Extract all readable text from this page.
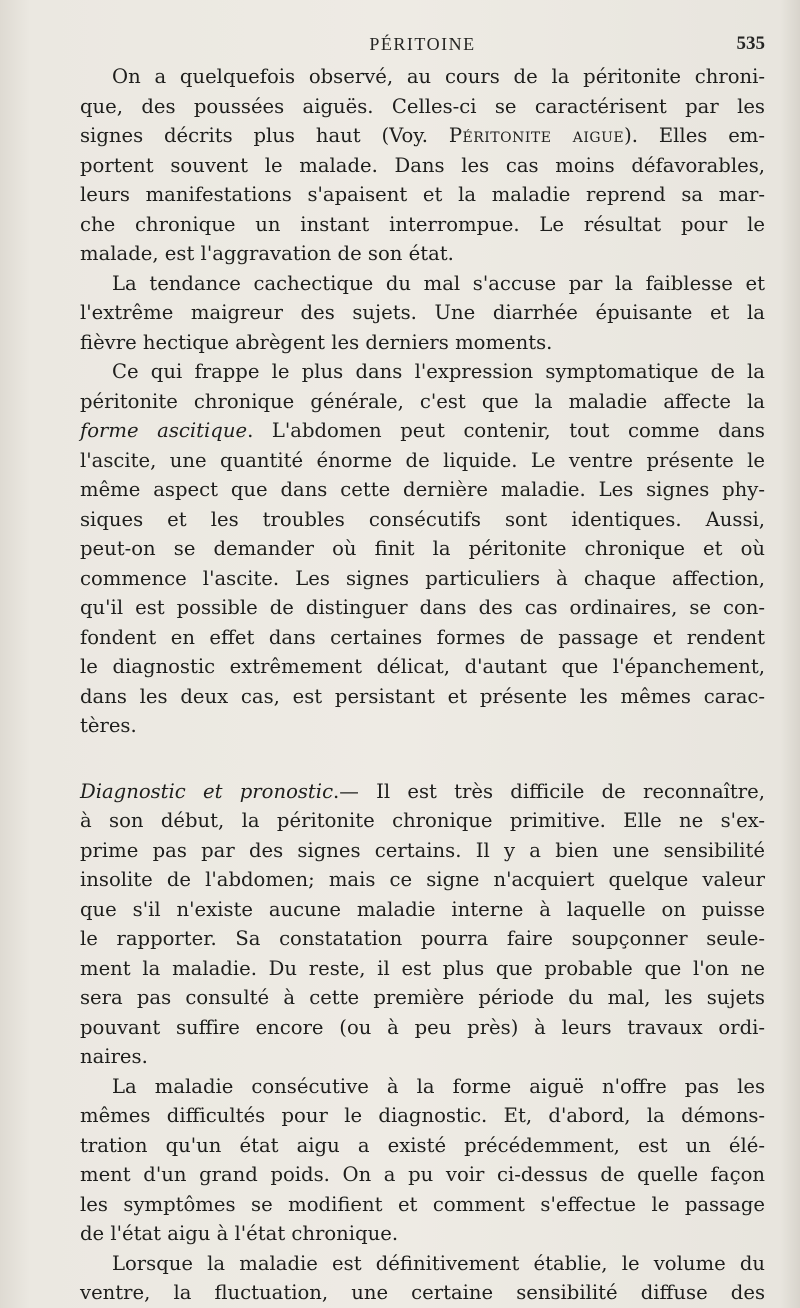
PÉRITOINE	535
On a quelquefois observé, au cours de la péritonite chroni-
que, des poussées aiguës. Celles-ci se caractérisent par les
signes décrits plus haut (Voy. Péritonite aigue). Elles em-
portent souvent le malade. Dans les cas moins défavorables,
leurs manifestations s'apaisent et la maladie reprend sa mar-
che chronique un instant interrompue. Le résultat pour le
malade, est l'aggravation de son état.
La tendance cachectique du mal s'accuse par la faiblesse et
l'extrême maigreur des sujets. Une diarrhée épuisante et la
fièvre hectique abrègent les derniers moments.
Ce qui frappe le plus dans l'expression symptomatique de la
péritonite chronique générale, c'est que la maladie affecte la
forme ascitique. L'abdomen peut contenir, tout comme dans
l'ascite, une quantité énorme de liquide. Le ventre présente le
même aspect que dans cette dernière maladie. Les signes phy-
siques et les troubles consécutifs sont identiques. Aussi,
peut-on se demander où finit la péritonite chronique et où
commence l'ascite. Les signes particuliers à chaque affection,
qu'il est possible de distinguer dans des cas ordinaires, se con-
fondent en effet dans certaines formes de passage et rendent
le diagnostic extrêmement délicat, d'autant que l'épanchement,
dans les deux cas, est persistant et présente les mêmes carac-
tères.
Diagnostic et pronostic.— Il est très difficile de reconnaître,
à son début, la péritonite chronique primitive. Elle ne s'ex-
prime pas par des signes certains. Il y a bien une sensibilité
insolite de l'abdomen; mais ce signe n'acquiert quelque valeur
que s'il n'existe aucune maladie interne à laquelle on puisse
le rapporter. Sa constatation pourra faire soupçonner seule-
ment la maladie. Du reste, il est plus que probable que l'on ne
sera pas consulté à cette première période du mal, les sujets
pouvant suffire encore (ou à peu près) à leurs travaux ordi-
naires.
La maladie consécutive à la forme aiguë n'offre pas les
mêmes difficultés pour le diagnostic. Et, d'abord, la démons-
tration qu'un état aigu a existé précédemment, est un élé-
ment d'un grand poids. On a pu voir ci-dessus de quelle façon
les symptômes se modifient et comment s'effectue le passage
de l'état aigu à l'état chronique.
Lorsque la maladie est définitivement établie, le volume du
ventre, la fluctuation, une certaine sensibilité diffuse des
